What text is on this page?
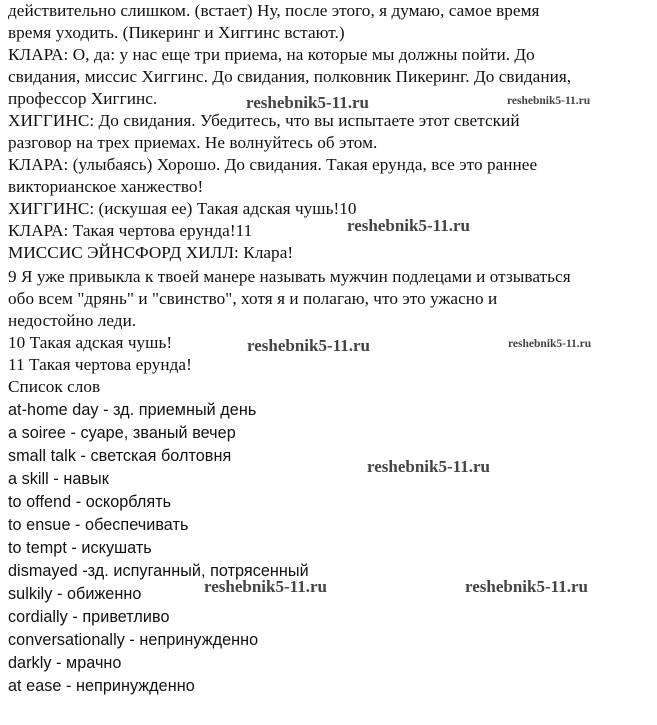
действительно слишком. (встает) Ну, после этого, я думаю, самое время
время уходить. (Пикеринг и Хиггинс встают.)
КЛАРА: О, да: у нас еще три приема, на которые мы должны пойти. До
свидания, миссис Хиггинс. До свидания, полковник Пикеринг. До свидания,
профессор Хиггинс.
ХИГГИНС: До свидания. Убедитесь, что вы испытаете этот светский
разговор на трех приемах. Не волнуйтесь об этом.
КЛАРА: (улыбаясь) Хорошо. До свидания. Такая ерунда, все это раннее
викторианское ханжество!
ХИГГИНС: (искушая ее) Такая адская чушь!10
КЛАРА: Такая чертова ерунда!11
МИССИС ЭЙНСФОРД ХИЛЛ: Клара!
9 Я уже привыкла к твоей манере называть мужчин подлецами и отзываться
обо всем "дрянь" и "свинство", хотя я и полагаю, что это ужасно и
недостойно леди.
10 Такая адская чушь!
11 Такая чертова ерунда!
Список слов
at-home day - зд. приемный день
a soiree - суаре, званый вечер
small talk - светская болтовня
a skill - навык
to offend - оскорблять
to ensue - обеспечивать
to tempt - искушать
dismayed -зд. испуганный, потрясенный
sulkily - обиженно
cordially - приветливо
conversationally - непринужденно
darkly - мрачно
at ease - непринужденно
reshebnik5-11.ru	reshebnik5-11.ru
reshebnik5-11.ru
reshebnik5-11.ru	reshebnik5-11.ru
reshebnik5-11.ru
reshebnik5-11.ru	reshebnik5-11.ru
